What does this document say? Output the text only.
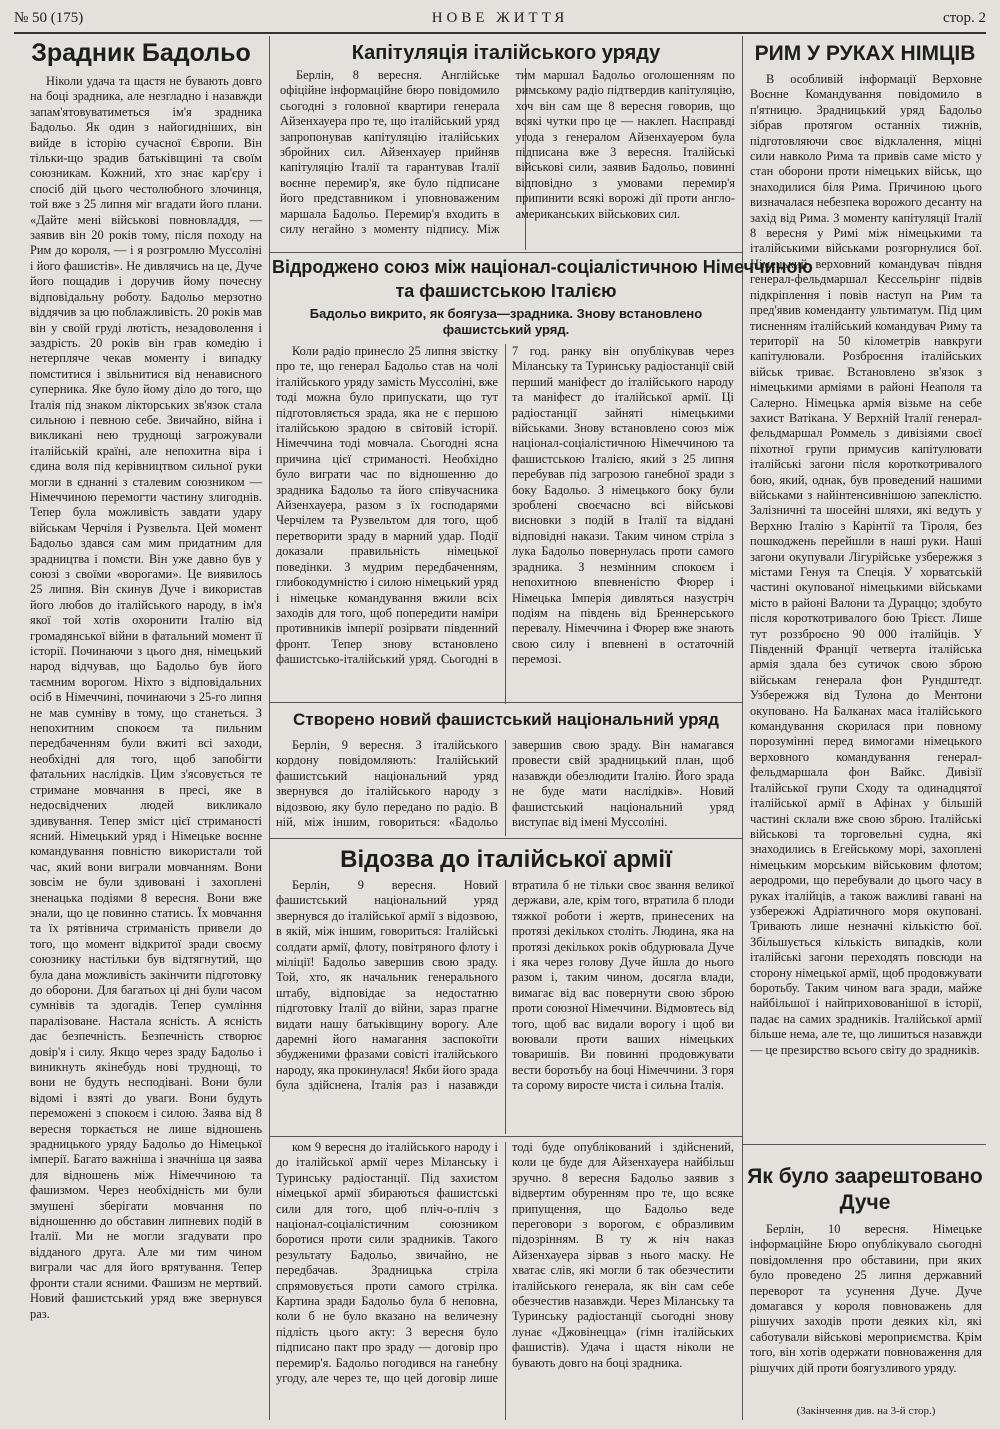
№ 50 (175)	НОВЕ ЖИТТЯ	стор. 2
Зрадник Бадольо

Ніколи удача та щастя не бувають довго на боці зрадника, але незгладно і назавжди запам'ятовуватиметься ім'я зрадника Бадольо. Як один з найогидніших, він вийде в історію сучасної Європи. Він тільки-що зрадив батьківщині та своїм союзникам. Кожний, хто знає кар'єру і спосіб дій цього честолюбного злочинця, той вже з 25 липня міг вгадати його плани. «Дайте мені військові повновладдя, — заявив він 20 років тому, після походу на Рим до короля, — і я розгромлю Муссоліні і його фашистів». Не дивлячись на це, Дуче його пощадив і доручив йому почесну відповідальну роботу. Бадольо мерзотно віддячив за цю поблажливість. 20 років мав він у своїй груді лютість, незадоволення і заздрість. 20 років він грав комедію і нетерпляче чекав моменту і випадку помститися і звільнитися від ненависного суперника. Яке було йому діло до того, що Італія під знаком лікторських зв'язок стала сильною і певною себе. Звичайно, війна і викликані нею труднощі загрожували італійській країні, але непохитна віра і єдина воля під керівництвом сильної руки могли в єднанні з сталевим союзником — Німеччиною перемогти частину злигоднів. Тепер була можливість завдати удару військам Черчіля і Рузвельта. Цей момент Бадольо здався сам мим придатним для зрадництва і помсти. Він уже давно був у союзі з своїми «ворогами». Це виявилось 25 липня. Він скинув Дуче і використав його любов до італійського народу, в ім'я якої той хотів охоронити Італію від громадянської війни в фатальний момент її історії. Починаючи з цього дня, німецький народ відчував, що Бадольо був його таємним ворогом. Ніхто з відповідальних осіб в Німеччині, починаючи з 25-го липня не мав сумніву в тому, що станеться. З непохитним спокоєм та пильним передбаченням були вжиті всі заходи, необхідні для того, щоб запобігти фатальних наслідків. Цим з'ясовується те стримане мовчання в пресі, яке в недосвідчених людей викликало здивування. Тепер зміст цієї стриманості ясний. Німецький уряд і Німецьке воєнне командування повністю використали той час, який вони виграли мовчанням. Вони зовсім не були здивовані і захоплені зненацька подіями 8 вересня. Вони вже знали, що це повинно статись. Їх мовчання та їх рятівнича стриманість привели до того, що момент відкритої зради своєму союзнику настільки був відтягнутий, що була дана можливість закінчити підготовку до оборони. Для багатьох ці дні були часом сумнівів та здогадів. Тепер сумління паралізоване. Настала ясність. А ясність дає безпечність. Безпечність створює довір'я і силу. Якщо через зраду Бадольо і виникнуть якінебудь нові труднощі, то вони не будуть несподівані. Вони були відомі і взяті до уваги. Вони будуть переможені з спокоєм і силою. Заява від 8 вересня торкається не лише відношень зрадницького уряду Бадольо до Німецької імперії. Багато важніша і значніша ця заява для відношень між Німеччиною та фашизмом. Через необхідність ми були змушені зберігати мовчання по відношенню до обставин липневих подій в Італії. Ми не могли згадувати про відданого друга. Але ми тим чином виграли час для його врятування. Тепер фронти стали ясними. Фашизм не мертвий. Новий фашистський уряд вже звернувся раз.

Капітуляція італійського уряду

Берлін, 8 вересня. Англійське офіційне інформаційне бюро повідомило сьогодні з головної квартири генерала Айзенхауера про те, що італійський уряд запропонував капітуляцію італійських збройних сил. Айзенхауер прийняв капітуляцію Італії та гарантував Італії воєнне перемир'я, яке було підписане його представником і уповноваженим маршала Бадольо. Перемир'я входить в силу негайно з моменту підпису. Між тим маршал Бадольо оголошенням по римському радіо підтвердив капітуляцію, хоч він сам ще 8 вересня говорив, що всякі чутки про це — наклеп. Насправді угода з генералом Айзенхауером була підписана вже 3 вересня. Італійські військові сили, заявив Бадольо, повинні відповідно з умовами перемир'я припинити всякі ворожі дії проти англо-американських військових сил.

Відроджено союз між націонал-соціалістичною Німеччиною
та фашистською Італією
Бадольо викрито, як боягуза—зрадника. Знову встановлено фашистський уряд.

Коли радіо принесло 25 липня звістку про те, що генерал Бадольо став на чолі італійського уряду замість Муссоліні, вже тоді можна було припускати, що тут підготовляється зрада, яка не є першою італійською зрадою в світовій історії. Німеччина тоді мовчала. Сьогодні ясна причина цієї стриманості. Необхідно було виграти час по відношенню до зрадника Бадольо та його співучасника Айзенхауера, разом з їх господарями Черчілем та Рузвельтом для того, щоб перетворити зраду в марний удар. Події доказали правильність німецької поведінки. З мудрим передбаченням, глибокодумністю і силою німецький уряд і німецьке командування вжили всіх заходів для того, щоб попередити наміри противників імперії розірвати південний фронт. Тепер знову встановлено фашистсько-італійський уряд. Сьогодні в 7 год. ранку він опублікував через Міланську та Туринську радіостанції свій перший маніфест до італійського народу та маніфест до італійської армії. Ці радіостанції зайняті німецькими військами. Знову встановлено союз між націонал-соціалістичною Німеччиною та фашистською Італією, який з 25 липня перебував під загрозою ганебної зради з боку Бадольо. З німецького боку були зроблені своєчасно всі військові висновки з подій в Італії та віддані відповідні накази. Таким чином стріла з лука Бадольо повернулась проти самого зрадника. З незмінним спокоєм і непохитною впевненістю Фюрер і Німецька Імперія дивляться назустріч подіям на південь від Бреннерського перевалу. Німеччина і Фюрер вже знають свою силу і впевнені в остаточній перемозі.

Створено новий фашистський національний уряд

Берлін, 9 вересня. З італійського кордону повідомляють: Італійський фашистський національний уряд звернувся до італійського народу з відозвою, яку було передано по радіо. В ній, між іншим, говориться: «Бадольо завершив свою зраду. Він намагався провести свій зрадницький план, щоб назавжди обезлюдити Італію. Його зрада не буде мати наслідків». Новий фашистський національний уряд виступає від імені Муссоліні.

Відозва до італійської армії

Берлін, 9 вересня. Новий фашистський національний уряд звернувся до італійської армії з відозвою, в якій, між іншим, говориться: Італійські солдати армії, флоту, повітряного флоту і міліції! Бадольо завершив свою зраду. Той, хто, як начальник генерального штабу, відповідає за недостатню підготовку Італії до війни, зараз прагне видати нашу батьківщину ворогу. Але даремні його намагання заспокоїти збудженими фразами совісті італійського народу, яка прокинулася! Якби його зрада була здійснена, Італія раз і назавжди втратила б не тільки своє звання великої держави, але, крім того, втратила б плоди тяжкої роботи і жертв, принесених на протязі декількох століть. Людина, яка на протязі декількох років обдурювала Дуче і яка через голову Дуче йшла до нього разом і, таким чином, досягла влади, вимагає від вас повернути свою зброю проти союзної Німеччини. Відмовтесь від того, щоб вас видали ворогу і щоб ви воювали проти ваших німецьких товаришів. Ви повинні продовжувати вести боротьбу на боці Німеччини. З горя та сорому виросте чиста і сильна Італія.

ком 9 вересня до італійського народу і до італійської армії через Міланську і Туринську радіостанції. Під захистом німецької армії збираються фашистські сили для того, щоб пліч-о-пліч з націонал-соціалістичним союзником боротися проти сили зрадників. Такого результату Бадольо, звичайно, не передбачав. Зрадницька стріла спрямовується проти самого стрілка. Картина зради Бадольо була б неповна, коли б не було вказано на величезну підлість цього акту: 3 вересня було підписано пакт про зраду — договір про перемир'я. Бадольо погодився на ганебну угоду, але через те, що цей договір лише тоді буде опублікований і здійснений, коли це буде для Айзенхауера найбільш зручно. 8 вересня Бадольо заявив з відвертим обуренням про те, що всяке припущення, що Бадольо веде переговори з ворогом, є образливим підозрінням. В ту ж ніч наказ Айзенхауера зірвав з нього маску. Не хватає слів, які могли б так обезчестити італійського генерала, як він сам себе обезчестив назавжди. Через Міланську та Туринську радіостанції сьогодні знову лунає «Джовінецца» (гімн італійських фашистів). Удача і щастя ніколи не бувають довго на боці зрадника.

РИМ У РУКАХ НІМЦІВ

В особливій інформації Верховне Воєнне Командування повідомило в п'ятницю. Зрадницький уряд Бадольо зібрав протягом останніх тижнів, підготовляючи своє відклалення, міцні сили навколо Рима та привів саме місто у стан оборони проти німецьких військ, що знаходилися біля Рима. Причиною цього визначалася небезпека ворожого десанту на захід від Рима. З моменту капітуляції Італії 8 вересня у Римі між німецькими та італійськими військами розгорнулися бої. Німецький верховний командувач півдня генерал-фельдмаршал Кессельрінг підвів підкріплення і повів наступ на Рим та пред'явив коменданту ультиматум. Під цим тисненням італійський командувач Риму та території на 50 кілометрів навкруги капітулювали. Розброєння італійських військ триває. Встановлено зв'язок з німецькими арміями в районі Неаполя та Салерно. Німецька армія візьме на себе захист Ватікана. У Верхній Італії генерал-фельдмаршал Роммель з дивізіями своєї піхотної групи примусив капітулювати італійські загони після короткотривалого бою, який, однак, був проведений нашими військами з найінтенсивнішою запеклістю. Залізничні та шосейні шляхи, які ведуть у Верхню Італію з Карінтії та Тіроля, без пошкоджень перейшли в наші руки. Наші загони окупували Лігурійське узбережжя з містами Генуя та Спеція. У хорватській частині окупованої німецькими військами місто в районі Валони та Дураццо; здобуто після короткотривалого бою Трієст. Лише тут роззброєно 90 000 італійців. У Південній Франції четверта італійська армія здала без сутичок свою зброю військам генерала фон Рундштедт. Узбережжя від Тулона до Ментони окуповано. На Балканах маса італійського командування скорилася при повному порозумінні перед вимогами німецького верховного командування генерал-фельдмаршала фон Вайкс. Дивізії Італійської групи Сходу та одинадцятої італійської армії в Афінах у більшій частині склали вже свою зброю. Італійські військові та торговельні судна, які знаходились в Егейському морі, захоплені німецьким морським військовим флотом; аеродроми, що перебували до цього часу в руках італійців, а також важливі гавані на узбережжі Адріатичного моря окуповані. Тривають лише незначні кількістю бої. Збільшується кількість випадків, коли італійські загони переходять повсюди на сторону німецької армії, щоб продовжувати боротьбу. Таким чином вага зради, майже найбільшої і найприховованішої в історії, падає на самих зрадників. Італійської армії більше нема, але те, що лишиться назавжди — це презирство всього світу до зрадників.

Як було заарештовано
Дуче

Берлін, 10 вересня. Німецьке інформаційне Бюро опублікувало сьогодні повідомлення про обставини, при яких було проведено 25 липня державний переворот та усунення Дуче. Дуче домагався у короля повноважень для рішучих заходів проти деяких кіл, які саботували військові мероприємства. Крім того, він хотів одержати повноваження для рішучих дій проти боягузливого уряду.

(Закінчення див. на 3-й стор.)
